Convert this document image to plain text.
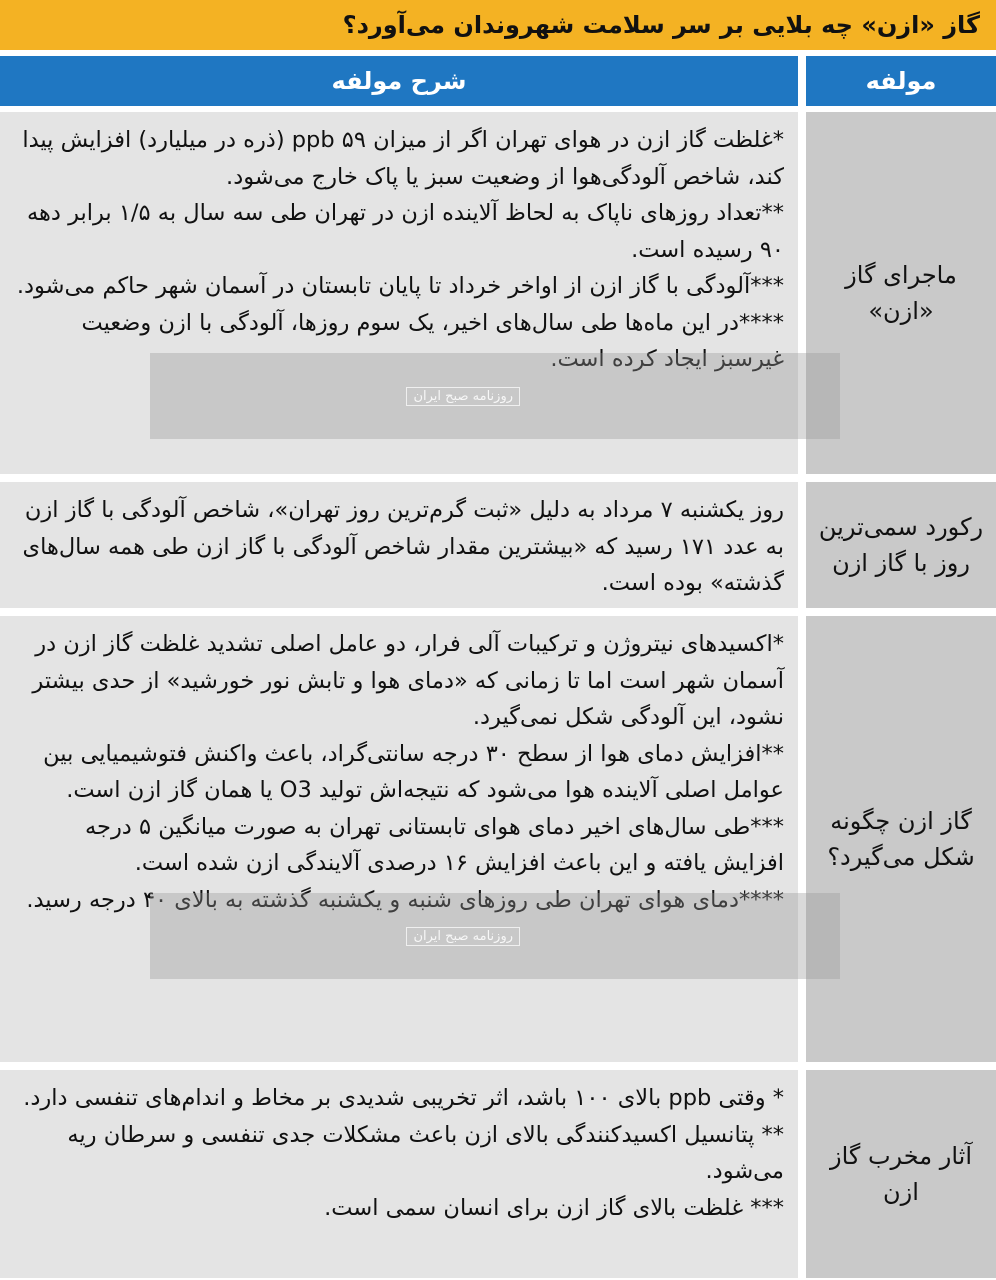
گاز «ازن» چه بلایی بر سر سلامت شهروندان می‌آورد؟
مولفه
شرح مولفه
ماجرای گاز «ازن»

*غلظت گاز ازن در هوای تهران اگر از میزان ۵۹ ppb (ذره در میلیارد) افزایش پیدا کند، شاخص آلودگی‌هوا از وضعیت سبز یا پاک خارج می‌شود.

**تعداد روزهای ناپاک به لحاظ آلاینده ازن در تهران طی سه سال به ۱/۵ برابر دهه ۹۰ رسیده است.

***آلودگی با گاز ازن از اواخر خرداد تا پایان تابستان در آسمان شهر حاکم می‌شود.

****در این ماه‌ها طی سال‌های اخیر، یک سوم روزها، آلودگی با ازن وضعیت غیرسبز ایجاد کرده است.

رکورد سمی‌ترین روز با گاز ازن

روز یکشنبه ۷ مرداد به دلیل «ثبت گرم‌ترین روز تهران»، شاخص آلودگی با گاز ازن به عدد ۱۷۱ رسید که «بیشترین مقدار شاخص آلودگی با گاز ازن طی همه سال‌های گذشته» بوده است.

گاز ازن چگونه شکل می‌گیرد؟

*اکسیدهای نیتروژن و ترکیبات آلی فرار، دو عامل اصلی تشدید غلظت گاز ازن در آسمان شهر است اما تا زمانی که «دمای هوا و تابش نور خورشید» از حدی بیشتر نشود، این آلودگی شکل نمی‌گیرد.

**افزایش دمای هوا از سطح ۳۰ درجه سانتی‌گراد، باعث واکنش فتوشیمیایی بین عوامل اصلی آلاینده هوا می‌شود که نتیجه‌اش تولید O3 یا همان گاز ازن است.

***طی سال‌های اخیر دمای هوای تابستانی تهران به صورت میانگین ۵ درجه افزایش یافته و این باعث افزایش ۱۶ درصدی آلایندگی ازن شده است.

****دمای هوای تهران طی روزهای شنبه و یکشنبه گذشته به بالای ۴۰ درجه رسید.

آثار مخرب گاز ازن

* وقتی ppb بالای ۱۰۰ باشد، اثر تخریبی شدیدی بر مخاط و اندام‌های تنفسی دارد.

** پتانسیل اکسیدکنندگی بالای ازن باعث مشکلات جدی تنفسی و سرطان ریه می‌شود.

*** غلظت بالای گاز ازن برای انسان سمی است.

روزنامه صبح ایران
روزنامه صبح ایران
